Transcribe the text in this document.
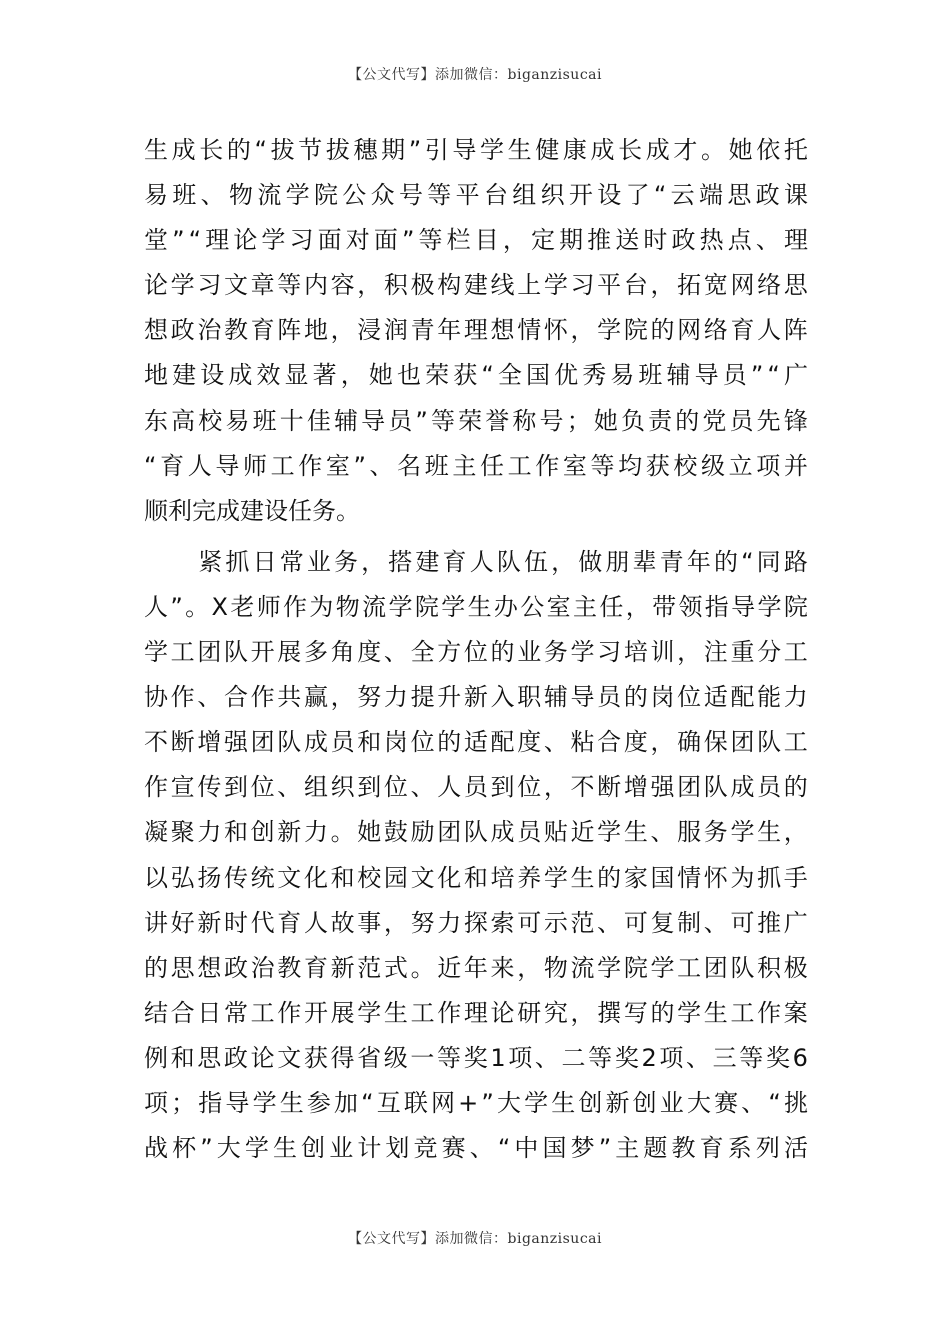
【公文代写】添加微信：biganzisucai
生 成 长 的 “ 拔 节 拔 穗 期 ” 引 导 学 生 健 康 成 长 成 才 。 她 依 托
易 班 、 物 流 学 院 公 众 号 等 平 台 组 织 开 设 了 “ 云 端 思 政 课
堂 ” “ 理 论 学 习 面 对 面 ” 等 栏 目 ， 定 期 推 送 时 政 热 点 、 理
论 学 习 文 章 等 内 容 ， 积 极 构 建 线 上 学 习 平 台 ， 拓 宽 网 络 思
想 政 治 教 育 阵 地 ， 浸 润 青 年 理 想 情 怀 ， 学 院 的 网 络 育 人 阵
地 建 设 成 效 显 著 ， 她 也 荣 获 “ 全 国 优 秀 易 班 辅 导 员 ” “ 广
东 高 校 易 班 十 佳 辅 导 员 ” 等 荣 誉 称 号 ； 她 负 责 的 党 员 先 锋
“ 育 人 导 师 工 作 室 ” 、 名 班 主 任 工 作 室 等 均 获 校 级 立 项 并
顺利完成建设任务。

紧 抓 日 常 业 务 ， 搭 建 育 人 队 伍 ， 做 朋 辈 青 年 的 “ 同 路
人 ” 。 X 老 师 作 为 物 流 学 院 学 生 办 公 室 主 任 ， 带 领 指 导 学 院
学 工 团 队 开 展 多 角 度 、 全 方 位 的 业 务 学 习 培 训 ， 注 重 分 工
协 作 、 合 作 共 赢 ， 努 力 提 升 新 入 职 辅 导 员 的 岗 位 适 配 能 力
不 断 增 强 团 队 成 员 和 岗 位 的 适 配 度 、 粘 合 度 ， 确 保 团 队 工
作 宣 传 到 位 、 组 织 到 位 、 人 员 到 位 ， 不 断 增 强 团 队 成 员 的
凝 聚 力 和 创 新 力 。 她 鼓 励 团 队 成 员 贴 近 学 生 、 服 务 学 生 ，
以 弘 扬 传 统 文 化 和 校 园 文 化 和 培 养 学 生 的 家 国 情 怀 为 抓 手
讲 好 新 时 代 育 人 故 事 ， 努 力 探 索 可 示 范 、 可 复 制 、 可 推 广
的 思 想 政 治 教 育 新 范 式 。 近 年 来 ， 物 流 学 院 学 工 团 队 积 极
结 合 日 常 工 作 开 展 学 生 工 作 理 论 研 究 ， 撰 写 的 学 生 工 作 案
例 和 思 政 论 文 获 得 省 级 一 等 奖 1 项 、 二 等 奖 2 项 、 三 等 奖 6
项 ； 指 导 学 生 参 加 “ 互 联 网 + ” 大 学 生 创 新 创 业 大 赛 、 “ 挑
战 杯 ” 大 学 生 创 业 计 划 竞 赛 、 “ 中 国 梦 ” 主 题 教 育 系 列 活
【公文代写】添加微信：biganzisucai
